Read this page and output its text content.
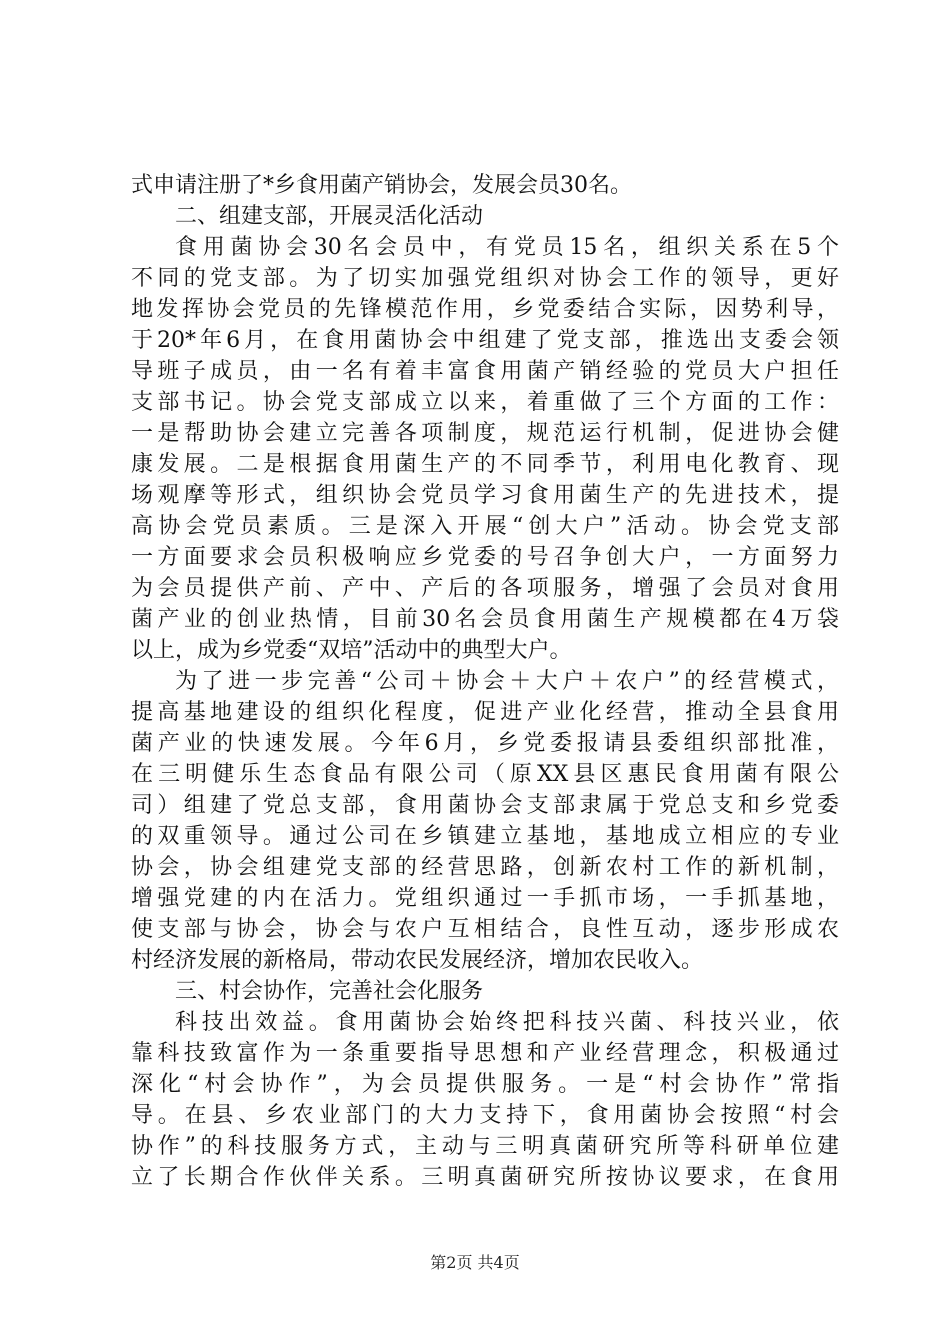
式申请注册了*乡食用菌产销协会，发展会员30名。
二、组建支部，开展灵活化活动
食用菌协会30名会员中，有党员15名，组织关系在5个
不同的党支部。为了切实加强党组织对协会工作的领导，更好
地发挥协会党员的先锋模范作用，乡党委结合实际，因势利导，
于20*年6月，在食用菌协会中组建了党支部，推选出支委会领
导班子成员，由一名有着丰富食用菌产销经验的党员大户担任
支部书记。协会党支部成立以来，着重做了三个方面的工作：
一是帮助协会建立完善各项制度，规范运行机制，促进协会健
康发展。二是根据食用菌生产的不同季节，利用电化教育、现
场观摩等形式，组织协会党员学习食用菌生产的先进技术，提
高协会党员素质。三是深入开展“创大户”活动。协会党支部
一方面要求会员积极响应乡党委的号召争创大户，一方面努力
为会员提供产前、产中、产后的各项服务，增强了会员对食用
菌产业的创业热情，目前30名会员食用菌生产规模都在4万袋
以上，成为乡党委“双培”活动中的典型大户。
为了进一步完善“公司＋协会＋大户＋农户”的经营模式，
提高基地建设的组织化程度，促进产业化经营，推动全县食用
菌产业的快速发展。今年6月，乡党委报请县委组织部批准，
在三明健乐生态食品有限公司（原XX县区惠民食用菌有限公
司）组建了党总支部，食用菌协会支部隶属于党总支和乡党委
的双重领导。通过公司在乡镇建立基地，基地成立相应的专业
协会，协会组建党支部的经营思路，创新农村工作的新机制，
增强党建的内在活力。党组织通过一手抓市场，一手抓基地，
使支部与协会，协会与农户互相结合，良性互动，逐步形成农
村经济发展的新格局，带动农民发展经济，增加农民收入。
三、村会协作，完善社会化服务
科技出效益。食用菌协会始终把科技兴菌、科技兴业，依
靠科技致富作为一条重要指导思想和产业经营理念，积极通过
深化“村会协作”，为会员提供服务。一是“村会协作”常指
导。在县、乡农业部门的大力支持下，食用菌协会按照“村会
协作”的科技服务方式，主动与三明真菌研究所等科研单位建
立了长期合作伙伴关系。三明真菌研究所按协议要求，在食用
第2页 共4页
